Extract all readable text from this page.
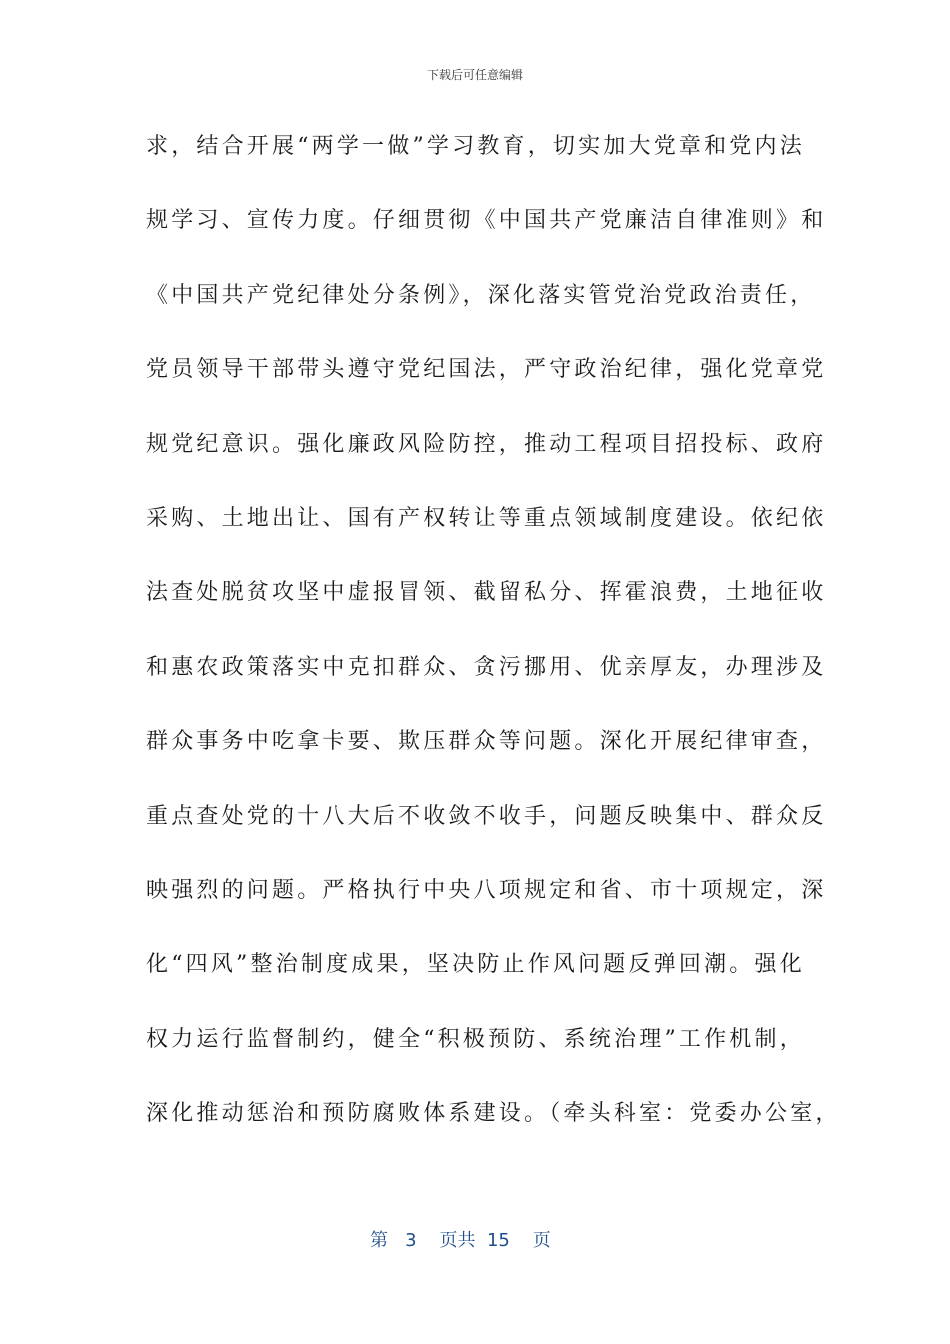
下载后可任意编辑
求，结合开展“两学一做”学习教育，切实加大党章和党内法
规学习、宣传力度。仔细贯彻《中国共产党廉洁自律准则》和
《中国共产党纪律处分条例》，深化落实管党治党政治责任，
党员领导干部带头遵守党纪国法，严守政治纪律，强化党章党
规党纪意识。强化廉政风险防控，推动工程项目招投标、政府
采购、土地出让、国有产权转让等重点领域制度建设。依纪依
法查处脱贫攻坚中虚报冒领、截留私分、挥霍浪费，土地征收
和惠农政策落实中克扣群众、贪污挪用、优亲厚友，办理涉及
群众事务中吃拿卡要、欺压群众等问题。深化开展纪律审查，
重点查处党的十八大后不收敛不收手，问题反映集中、群众反
映强烈的问题。严格执行中央八项规定和省、市十项规定，深
化“四风”整治制度成果，坚决防止作风问题反弹回潮。强化
权力运行监督制约，健全“积极预防、系统治理”工作机制，
深化推动惩治和预防腐败体系建设。（牵头科室：党委办公室，
第 3 页共 15 页
